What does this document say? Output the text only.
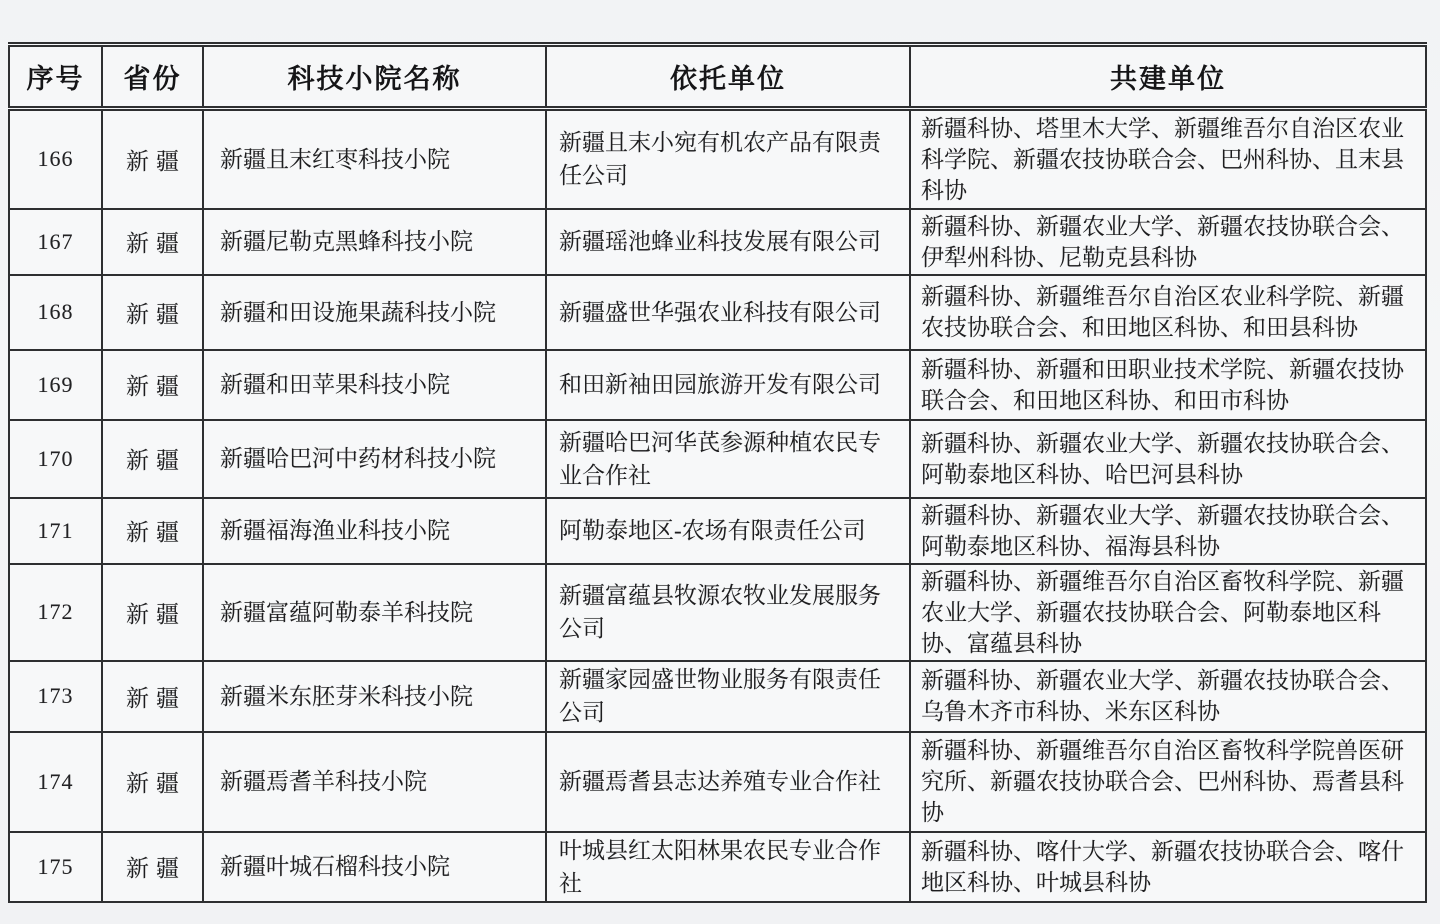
序号	省份	科技小院名称	依托单位	共建单位
166	新疆	新疆且末红枣科技小院	新疆且末小宛有机农产品有限责任公司	新疆科协、塔里木大学、新疆维吾尔自治区农业科学院、新疆农技协联合会、巴州科协、且末县科协
167	新疆	新疆尼勒克黑蜂科技小院	新疆瑶池蜂业科技发展有限公司	新疆科协、新疆农业大学、新疆农技协联合会、伊犁州科协、尼勒克县科协
168	新疆	新疆和田设施果蔬科技小院	新疆盛世华强农业科技有限公司	新疆科协、新疆维吾尔自治区农业科学院、新疆农技协联合会、和田地区科协、和田县科协
169	新疆	新疆和田苹果科技小院	和田新袖田园旅游开发有限公司	新疆科协、新疆和田职业技术学院、新疆农技协联合会、和田地区科协、和田市科协
170	新疆	新疆哈巴河中药材科技小院	新疆哈巴河华芪参源种植农民专业合作社	新疆科协、新疆农业大学、新疆农技协联合会、阿勒泰地区科协、哈巴河县科协
171	新疆	新疆福海渔业科技小院	阿勒泰地区-农场有限责任公司	新疆科协、新疆农业大学、新疆农技协联合会、阿勒泰地区科协、福海县科协
172	新疆	新疆富蕴阿勒泰羊科技院	新疆富蕴县牧源农牧业发展服务公司	新疆科协、新疆维吾尔自治区畜牧科学院、新疆农业大学、新疆农技协联合会、阿勒泰地区科协、富蕴县科协
173	新疆	新疆米东胚芽米科技小院	新疆家园盛世物业服务有限责任公司	新疆科协、新疆农业大学、新疆农技协联合会、乌鲁木齐市科协、米东区科协
174	新疆	新疆焉耆羊科技小院	新疆焉耆县志达养殖专业合作社	新疆科协、新疆维吾尔自治区畜牧科学院兽医研究所、新疆农技协联合会、巴州科协、焉耆县科协
175	新疆	新疆叶城石榴科技小院	叶城县红太阳林果农民专业合作社	新疆科协、喀什大学、新疆农技协联合会、喀什地区科协、叶城县科协
